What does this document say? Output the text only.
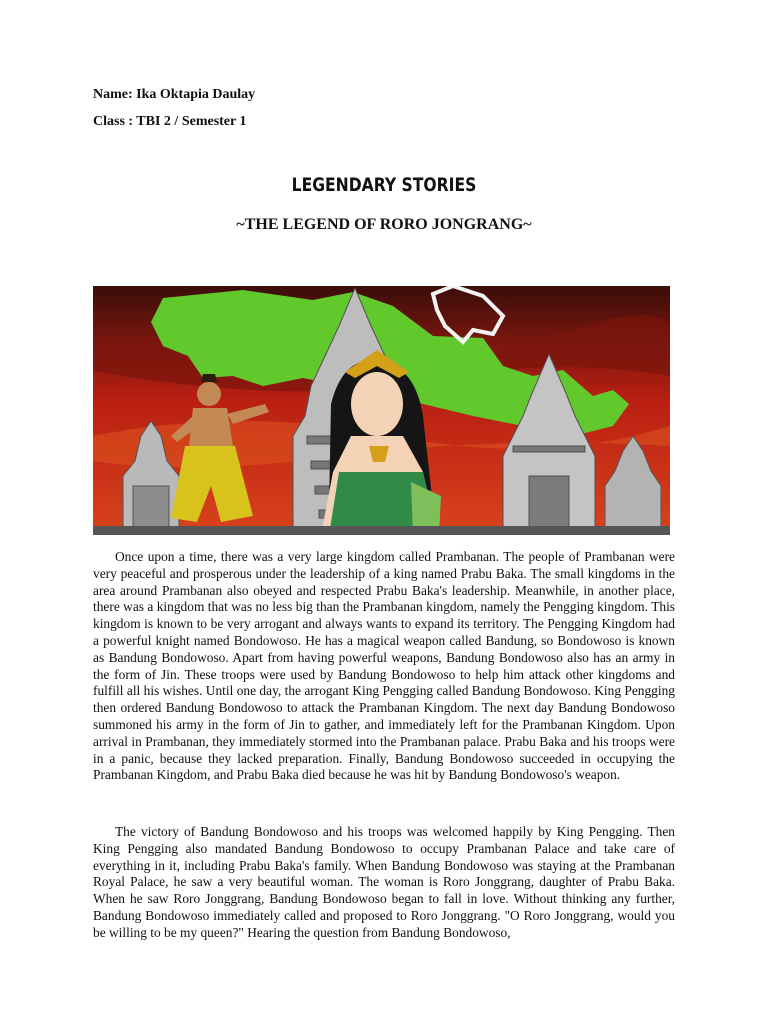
Name: Ika Oktapia Daulay
Class : TBI 2 / Semester 1
LEGENDARY STORIES
~THE LEGEND OF RORO JONGRANG~

Once upon a time, there was a very large kingdom called Prambanan. The people of Prambanan were very peaceful and prosperous under the leadership of a king named Prabu Baka. The small kingdoms in the area around Prambanan also obeyed and respected Prabu Baka's leadership. Meanwhile, in another place, there was a kingdom that was no less big than the Prambanan kingdom, namely the Pengging kingdom. This kingdom is known to be very arrogant and always wants to expand its territory. The Pengging Kingdom had a powerful knight named Bondowoso. He has a magical weapon called Bandung, so Bondowoso is known as Bandung Bondowoso. Apart from having powerful weapons, Bandung Bondowoso also has an army in the form of Jin. These troops were used by Bandung Bondowoso to help him attack other kingdoms and fulfill all his wishes. Until one day, the arrogant King Pengging called Bandung Bondowoso. King Pengging then ordered Bandung Bondowoso to attack the Prambanan Kingdom. The next day Bandung Bondowoso summoned his army in the form of Jin to gather, and immediately left for the Prambanan Kingdom. Upon arrival in Prambanan, they immediately stormed into the Prambanan palace. Prabu Baka and his troops were in a panic, because they lacked preparation. Finally, Bandung Bondowoso succeeded in occupying the Prambanan Kingdom, and Prabu Baka died because he was hit by Bandung Bondowoso's weapon.

The victory of Bandung Bondowoso and his troops was welcomed happily by King Pengging. Then King Pengging also mandated Bandung Bondowoso to occupy Prambanan Palace and take care of everything in it, including Prabu Baka's family. When Bandung Bondowoso was staying at the Prambanan Royal Palace, he saw a very beautiful woman. The woman is Roro Jonggrang, daughter of Prabu Baka. When he saw Roro Jonggrang, Bandung Bondowoso began to fall in love. Without thinking any further, Bandung Bondowoso immediately called and proposed to Roro Jonggrang. "O Roro Jonggrang, would you be willing to be my queen?" Hearing the question from Bandung Bondowoso,
